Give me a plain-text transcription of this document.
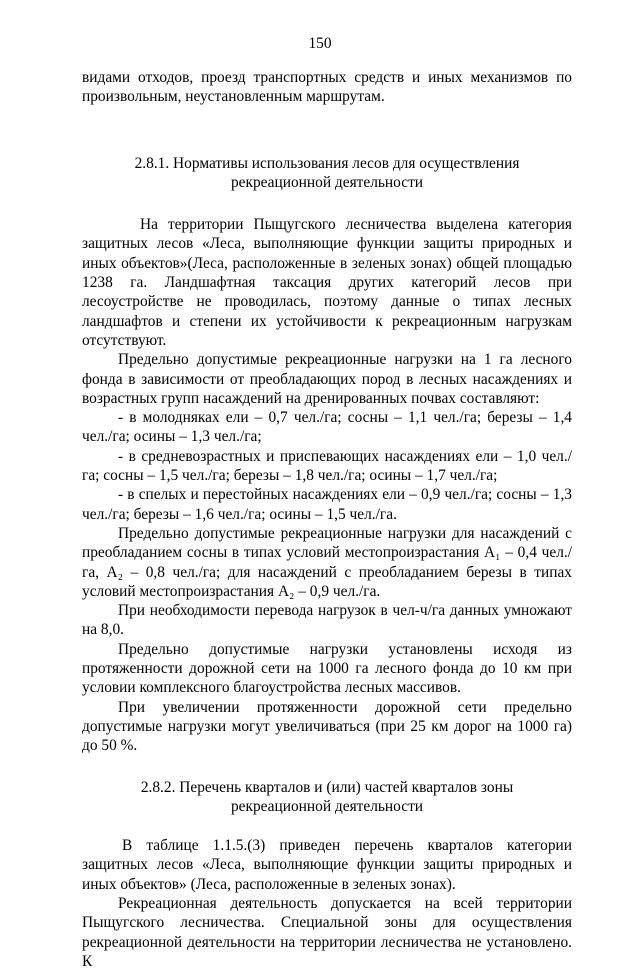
150

видами отходов, проезд транспортных средств и иных механизмов по произвольным, неустановленным маршрутам.

2.8.1. Нормативы использования лесов для осуществления рекреационной деятельности

На территории Пыщугского лесничества выделена категория защитных лесов «Леса, выполняющие функции защиты природных и иных объектов»(Леса, расположенные в зеленых зонах) общей площадью 1238 га. Ландшафтная таксация других категорий лесов при лесоустройстве не проводилась, поэтому данные о типах лесных ландшафтов и степени их устойчивости к рекреационным нагрузкам отсутствуют.

Предельно допустимые рекреационные нагрузки на 1 га лесного фонда в зависимости от преобладающих пород в лесных насаждениях и возрастных групп насаждений на дренированных почвах составляют:

- в молодняках ели – 0,7 чел./га; сосны – 1,1 чел./га; березы – 1,4 чел./га; осины – 1,3 чел./га;

- в средневозрастных и приспевающих насаждениях ели – 1,0 чел./га; сосны – 1,5 чел./га; березы – 1,8 чел./га; осины – 1,7 чел./га;

- в спелых и перестойных насаждениях ели – 0,9 чел./га; сосны – 1,3 чел./га; березы – 1,6 чел./га; осины – 1,5 чел./га.

Предельно допустимые рекреационные нагрузки для насаждений с преобладанием сосны в типах условий местопроизрастания А₁ – 0,4 чел./га, А₂ – 0,8 чел./га; для насаждений с преобладанием березы в типах условий местопроизрастания А₂ – 0,9 чел./га.

При необходимости перевода нагрузок в чел-ч/га данных умножают на 8,0.

Предельно допустимые нагрузки установлены исходя из протяженности дорожной сети на 1000 га лесного фонда до 10 км при условии комплексного благоустройства лесных массивов.

При увеличении протяженности дорожной сети предельно допустимые нагрузки могут увеличиваться (при 25 км дорог на 1000 га) до 50 %.

2.8.2. Перечень кварталов и (или) частей кварталов зоны рекреационной деятельности

В таблице 1.1.5.(3) приведен перечень кварталов категории защитных лесов «Леса, выполняющие функции защиты природных и иных объектов» (Леса, расположенные в зеленых зонах).

Рекреационная деятельность допускается на всей территории Пыщугского лесничества. Специальной зоны для осуществления рекреационной деятельности на территории лесничества не установлено. К
